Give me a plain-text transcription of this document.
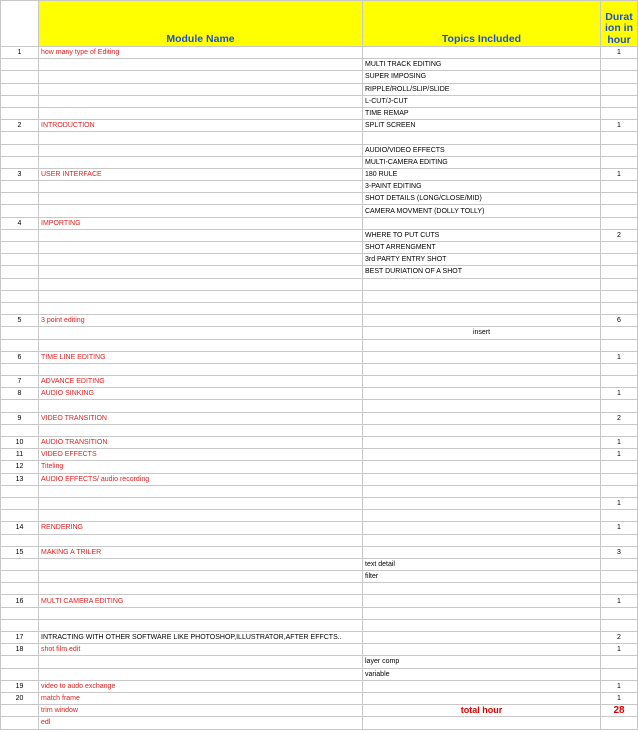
	Module Name	Topics Included	Durat
ion in
hour

1	how many type of Editing		1
		MULTI TRACK EDITING	
		SUPER IMPOSING	
		RIPPLE/ROLL/SLIP/SLIDE	
		L-CUT/J-CUT	
		TIME REMAP	
2	INTRODUCTION	SPLIT SCREEN	1

		AUDIO/VIDEO EFFECTS	
		MULTI-CAMERA EDITING	
3	USER INTERFACE	180 RULE	1
		3-PAINT EDITING	
		SHOT DETAILS (LONG/CLOSE/MID)	
		CAMERA MOVMENT (DOLLY TOLLY)	
4	IMPORTING		
		WHERE TO PUT CUTS	2
		SHOT ARRENGMENT	
		3rd PARTY ENTRY SHOT	
		BEST DURIATION OF A SHOT	

5	3 point editing		6
		insert	

6	TIME LINE EDITING		1

7	ADVANCE EDITING		
8	AUDIO SINKING		1

9	VIDEO TRANSITION		2

10	AUDIO TRANSITION		1
11	VIDEO EFFECTS		1
12	Titeling		
13	AUDIO EFFECTS/ audio recording		

			1

14	RENDERING		1

15	MAKING A TRILER		3
		text detail	
		filter	

16	MULTI CAMERA EDITING		1

17	INTRACTING WITH OTHER SOFTWARE LIKE PHOTOSHOP,ILLUSTRATOR,AFTER EFFCTS..		2
18	shot film edit		1
		layer comp	
		variable	
19	video to audo exchange		1
20	match frame		1
	trim window	total hour	28
	edl		
